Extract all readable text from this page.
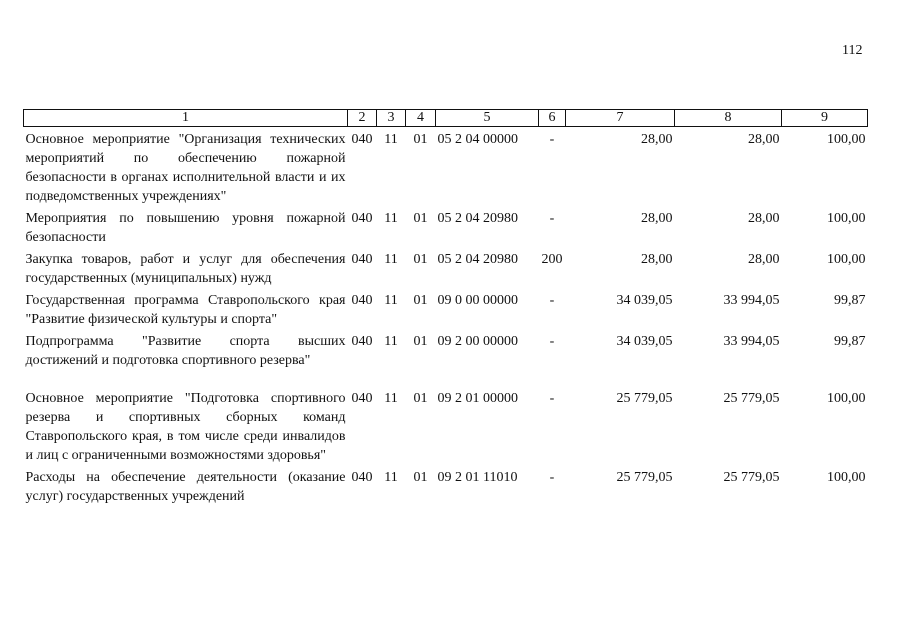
112
1	2	3	4	5	6	7	8	9
Основное мероприятие "Организация технических мероприятий по обеспечению пожарной безопасности в органах исполнительной власти и их подведомственных учреждениях"	040	11	01	05 2 04 00000	-	28,00	28,00	100,00
Мероприятия по повышению уровня пожарной безопасности	040	11	01	05 2 04 20980	-	28,00	28,00	100,00
Закупка товаров, работ и услуг для обеспечения государственных (муниципальных) нужд	040	11	01	05 2 04 20980	200	28,00	28,00	100,00
Государственная программа Ставропольского края "Развитие физической культуры и спорта"	040	11	01	09 0 00 00000	-	34 039,05	33 994,05	99,87
Подпрограмма "Развитие спорта высших достижений и подготовка спортивного резерва"	040	11	01	09 2 00 00000	-	34 039,05	33 994,05	99,87
Основное мероприятие "Подготовка спортивного резерва и спортивных сборных команд Ставропольского края, в том числе среди инвалидов и лиц с ограниченными возможностями здоровья"	040	11	01	09 2 01 00000	-	25 779,05	25 779,05	100,00
Расходы на обеспечение деятельности (оказание услуг) государственных учреждений	040	11	01	09 2 01 11010	-	25 779,05	25 779,05	100,00
